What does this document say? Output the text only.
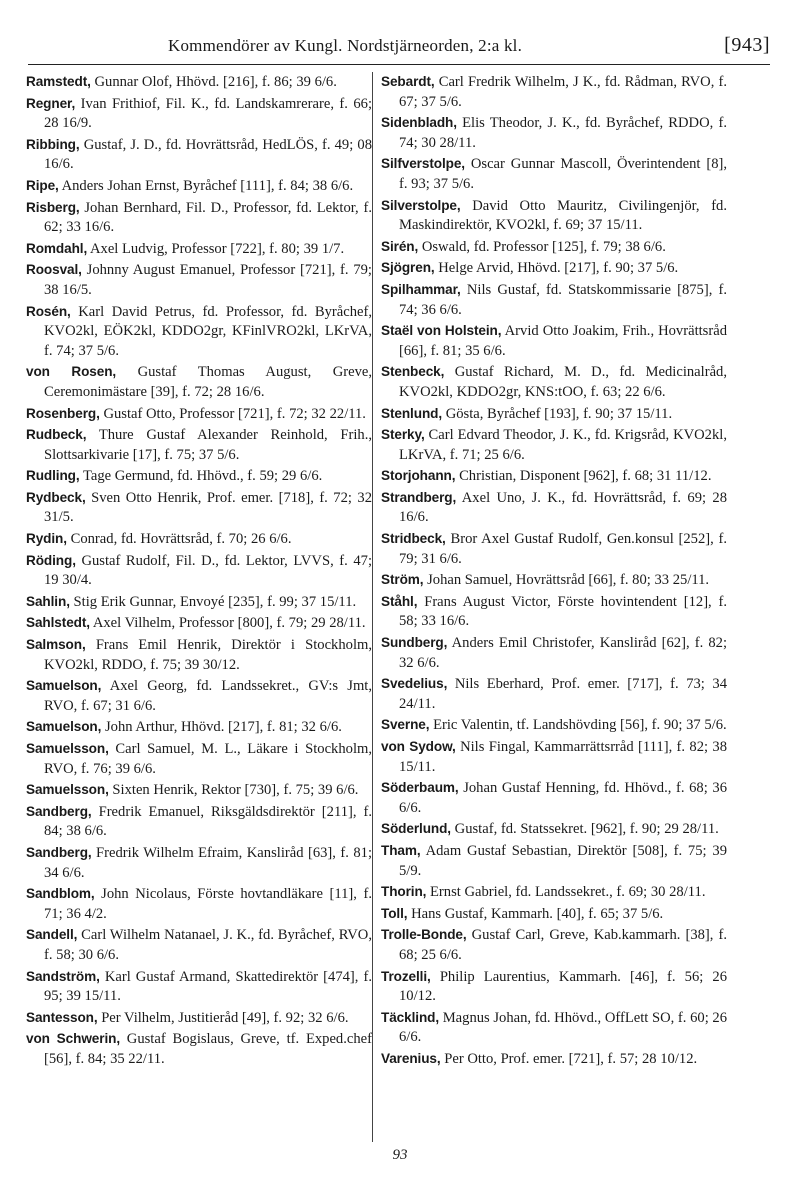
Kommendörer av Kungl. Nordstjärneorden, 2:a kl.	[943]

Ramstedt, Gunnar Olof, Hhövd. [216], f. 86; 39 6/6.

Regner, Ivan Frithiof, Fil. K., fd. Landskamrerare, f. 66; 28 16/9.

Ribbing, Gustaf, J. D., fd. Hovrättsråd, HedLÖS, f. 49; 08 16/6.

Ripe, Anders Johan Ernst, Byråchef [111], f. 84; 38 6/6.

Risberg, Johan Bernhard, Fil. D., Professor, fd. Lektor, f. 62; 33 16/6.

Romdahl, Axel Ludvig, Professor [722], f. 80; 39 1/7.

Roosval, Johnny August Emanuel, Professor [721], f. 79; 38 16/5.

Rosén, Karl David Petrus, fd. Professor, fd. Byråchef, KVO2kl, EÖK2kl, KDDO2gr, KFinlVRO2kl, LKrVA, f. 74; 37 5/6.

von Rosen, Gustaf Thomas August, Greve, Ceremonimästare [39], f. 72; 28 16/6.

Rosenberg, Gustaf Otto, Professor [721], f. 72; 32 22/11.

Rudbeck, Thure Gustaf Alexander Reinhold, Frih., Slottsarkivarie [17], f. 75; 37 5/6.

Rudling, Tage Germund, fd. Hhövd., f. 59; 29 6/6.

Rydbeck, Sven Otto Henrik, Prof. emer. [718], f. 72; 32 31/5.

Rydin, Conrad, fd. Hovrättsråd, f. 70; 26 6/6.

Röding, Gustaf Rudolf, Fil. D., fd. Lektor, LVVS, f. 47; 19 30/4.

Sahlin, Stig Erik Gunnar, Envoyé [235], f. 99; 37 15/11.

Sahlstedt, Axel Vilhelm, Professor [800], f. 79; 29 28/11.

Salmson, Frans Emil Henrik, Direktör i Stockholm, KVO2kl, RDDO, f. 75; 39 30/12.

Samuelson, Axel Georg, fd. Landssekret., GV:s Jmt, RVO, f. 67; 31 6/6.

Samuelson, John Arthur, Hhövd. [217], f. 81; 32 6/6.

Samuelsson, Carl Samuel, M. L., Läkare i Stockholm, RVO, f. 76; 39 6/6.

Samuelsson, Sixten Henrik, Rektor [730], f. 75; 39 6/6.

Sandberg, Fredrik Emanuel, Riksgäldsdirektör [211], f. 84; 38 6/6.

Sandberg, Fredrik Wilhelm Efraim, Kansliråd [63], f. 81; 34 6/6.

Sandblom, John Nicolaus, Förste hovtandläkare [11], f. 71; 36 4/2.

Sandell, Carl Wilhelm Natanael, J. K., fd. Byråchef, RVO, f. 58; 30 6/6.

Sandström, Karl Gustaf Armand, Skattedirektör [474], f. 95; 39 15/11.

Santesson, Per Vilhelm, Justitieråd [49], f. 92; 32 6/6.

von Schwerin, Gustaf Bogislaus, Greve, tf. Exped.chef [56], f. 84; 35 22/11.

Sebardt, Carl Fredrik Wilhelm, J K., fd. Rådman, RVO, f. 67; 37 5/6.

Sidenbladh, Elis Theodor, J. K., fd. Byråchef, RDDO, f. 74; 30 28/11.

Silfverstolpe, Oscar Gunnar Mascoll, Överintendent [8], f. 93; 37 5/6.

Silverstolpe, David Otto Mauritz, Civilingenjör, fd. Maskindirektör, KVO2kl, f. 69; 37 15/11.

Sirén, Oswald, fd. Professor [125], f. 79; 38 6/6.

Sjögren, Helge Arvid, Hhövd. [217], f. 90; 37 5/6.

Spilhammar, Nils Gustaf, fd. Statskommissarie [875], f. 74; 36 6/6.

Staël von Holstein, Arvid Otto Joakim, Frih., Hovrättsråd [66], f. 81; 35 6/6.

Stenbeck, Gustaf Richard, M. D., fd. Medicinalråd, KVO2kl, KDDO2gr, KNS:tOO, f. 63; 22 6/6.

Stenlund, Gösta, Byråchef [193], f. 90; 37 15/11.

Sterky, Carl Edvard Theodor, J. K., fd. Krigsråd, KVO2kl, LKrVA, f. 71; 25 6/6.

Storjohann, Christian, Disponent [962], f. 68; 31 11/12.

Strandberg, Axel Uno, J. K., fd. Hovrättsråd, f. 69; 28 16/6.

Stridbeck, Bror Axel Gustaf Rudolf, Gen.konsul [252], f. 79; 31 6/6.

Ström, Johan Samuel, Hovrättsråd [66], f. 80; 33 25/11.

Ståhl, Frans August Victor, Förste hovintendent [12], f. 58; 33 16/6.

Sundberg, Anders Emil Christofer, Kansliråd [62], f. 82; 32 6/6.

Svedelius, Nils Eberhard, Prof. emer. [717], f. 73; 34 24/11.

Sverne, Eric Valentin, tf. Landshövding [56], f. 90; 37 5/6.

von Sydow, Nils Fingal, Kammarrättsrråd [111], f. 82; 38 15/11.

Söderbaum, Johan Gustaf Henning, fd. Hhövd., f. 68; 36 6/6.

Söderlund, Gustaf, fd. Statssekret. [962], f. 90; 29 28/11.

Tham, Adam Gustaf Sebastian, Direktör [508], f. 75; 39 5/9.

Thorin, Ernst Gabriel, fd. Landssekret., f. 69; 30 28/11.

Toll, Hans Gustaf, Kammarh. [40], f. 65; 37 5/6.

Trolle-Bonde, Gustaf Carl, Greve, Kab.kammarh. [38], f. 68; 25 6/6.

Trozelli, Philip Laurentius, Kammarh. [46], f. 56; 26 10/12.

Täcklind, Magnus Johan, fd. Hhövd., OffLett SO, f. 60; 26 6/6.

Varenius, Per Otto, Prof. emer. [721], f. 57; 28 10/12.

93
